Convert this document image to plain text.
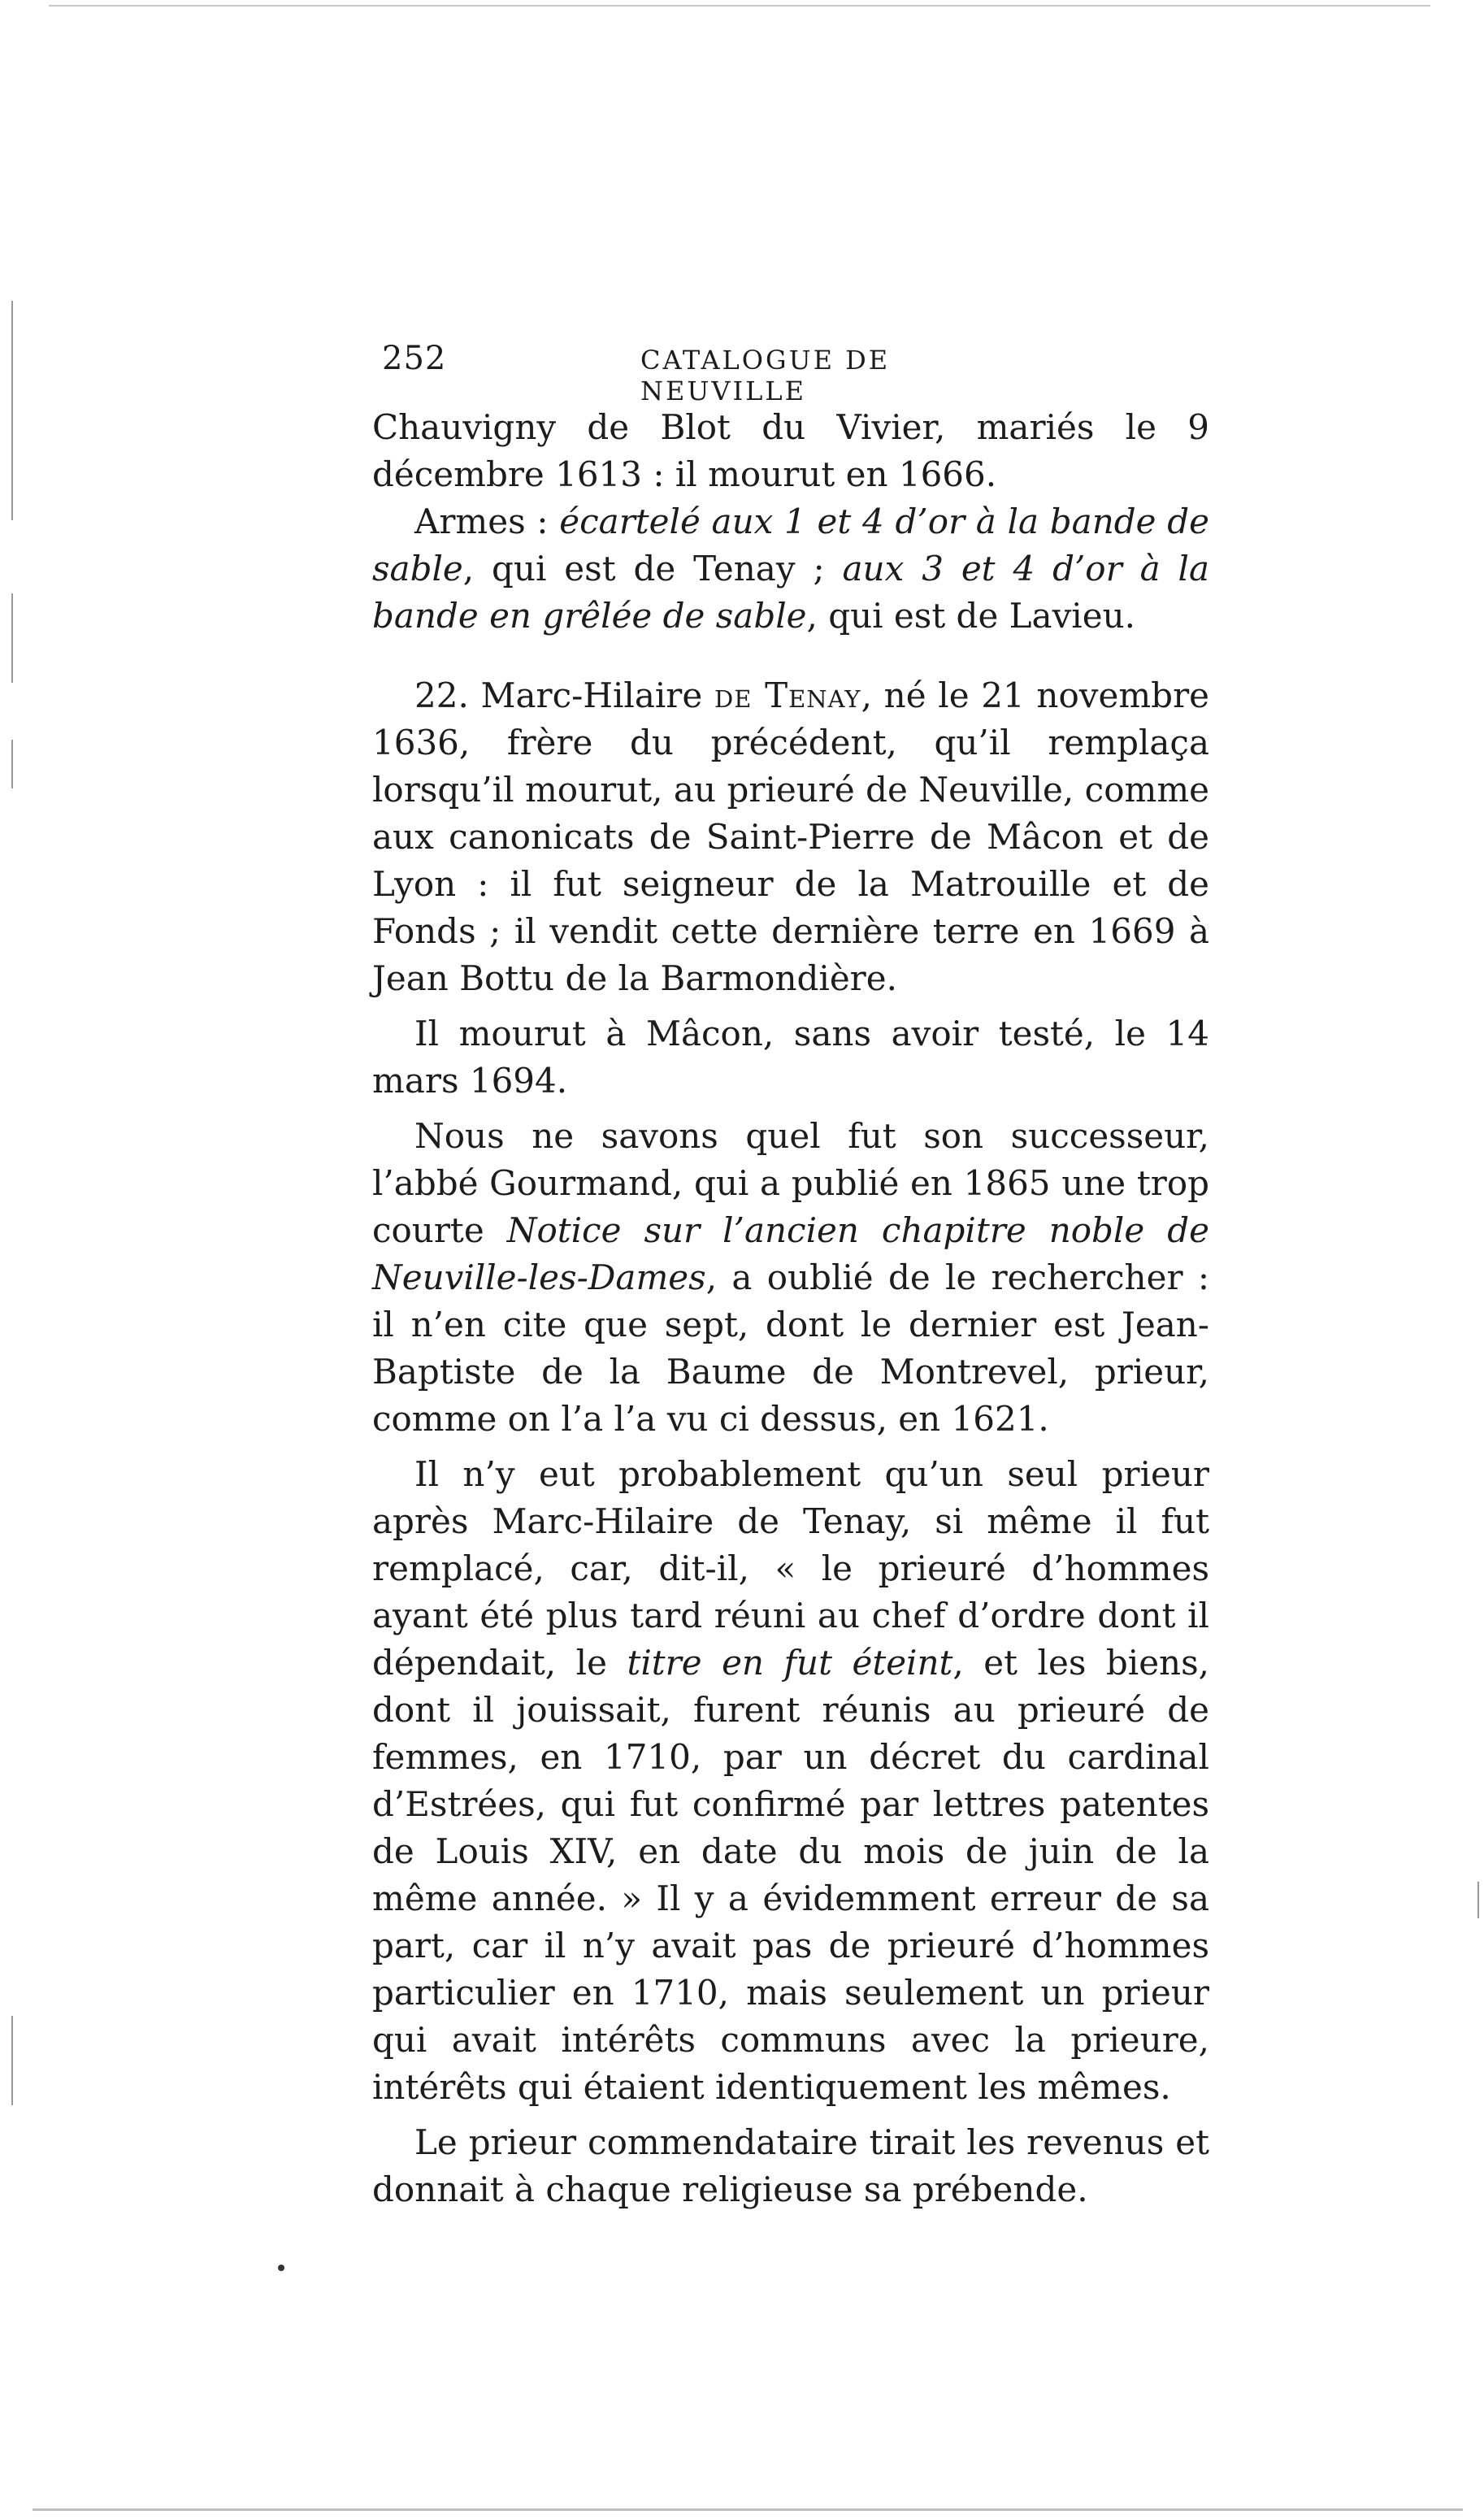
252	CATALOGUE DE NEUVILLE

Chauvigny de Blot du Vivier, mariés le 9 décembre 1613 : il mourut en 1666.

Armes : écartelé aux 1 et 4 d’or à la bande de sable, qui est de Tenay ; aux 3 et 4 d’or à la bande en grêlée de sable, qui est de Lavieu.

22. Marc-Hilaire de Tenay, né le 21 novembre 1636, frère du précédent, qu’il remplaça lorsqu’il mourut, au prieuré de Neuville, comme aux canonicats de Saint-Pierre de Mâcon et de Lyon : il fut seigneur de la Matrouille et de Fonds ; il vendit cette dernière terre en 1669 à Jean Bottu de la Barmondière.

Il mourut à Mâcon, sans avoir testé, le 14 mars 1694.

Nous ne savons quel fut son successeur, l’abbé Gourmand, qui a publié en 1865 une trop courte Notice sur l’ancien chapitre noble de Neuville-les-Dames, a oublié de le rechercher : il n’en cite que sept, dont le dernier est Jean-Baptiste de la Baume de Montrevel, prieur, comme on l’a l’a vu ci dessus, en 1621.

Il n’y eut probablement qu’un seul prieur après Marc-Hilaire de Tenay, si même il fut remplacé, car, dit-il, « le prieuré d’hommes ayant été plus tard réuni au chef d’ordre dont il dépendait, le titre en fut éteint, et les biens, dont il jouissait, furent réunis au prieuré de femmes, en 1710, par un décret du cardinal d’Estrées, qui fut confirmé par lettres patentes de Louis XIV, en date du mois de juin de la même année. » Il y a évidemment erreur de sa part, car il n’y avait pas de prieuré d’hommes particulier en 1710, mais seulement un prieur qui avait intérêts communs avec la prieure, intérêts qui étaient identiquement les mêmes.

Le prieur commendataire tirait les revenus et donnait à chaque religieuse sa prébende.
